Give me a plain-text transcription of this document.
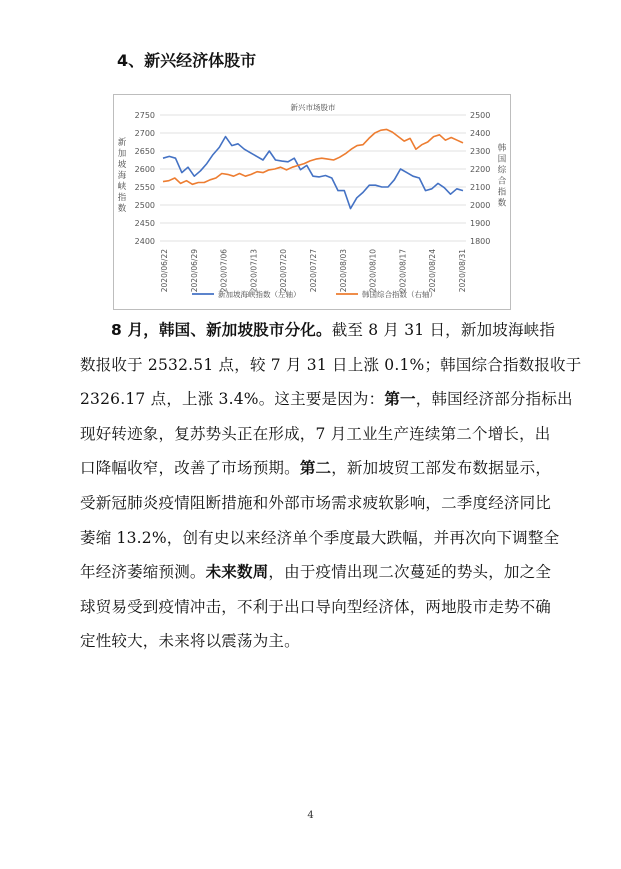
4、新兴经济体股市
新兴市场股市
2400	1800
2450	1900
2500	2000
2550	2100
2600	2200
2650	2300
2700	2400
2750	2500
新加坡海峡指数
韩国综合指数
2020/06/22	2020/06/29	2020/07/06	2020/07/13	2020/07/20	2020/07/27	2020/08/03	2020/08/10	2020/08/17	2020/08/24	2020/08/31
新加坡海峡指数（左轴）	韩国综合指数（右轴）
8 月，韩国、新加坡股市分化。截至 8 月 31 日，新加坡海峡指
数报收于 2532.51 点，较 7 月 31 日上涨 0.1%；韩国综合指数报收于
2326.17 点，上涨 3.4%。这主要是因为：第一，韩国经济部分指标出
现好转迹象，复苏势头正在形成，7 月工业生产连续第二个增长，出
口降幅收窄，改善了市场预期。第二，新加坡贸工部发布数据显示，
受新冠肺炎疫情阻断措施和外部市场需求疲软影响，二季度经济同比
萎缩 13.2%，创有史以来经济单个季度最大跌幅，并再次向下调整全
年经济萎缩预测。未来数周，由于疫情出现二次蔓延的势头，加之全
球贸易受到疫情冲击，不利于出口导向型经济体，两地股市走势不确
定性较大，未来将以震荡为主。
4
